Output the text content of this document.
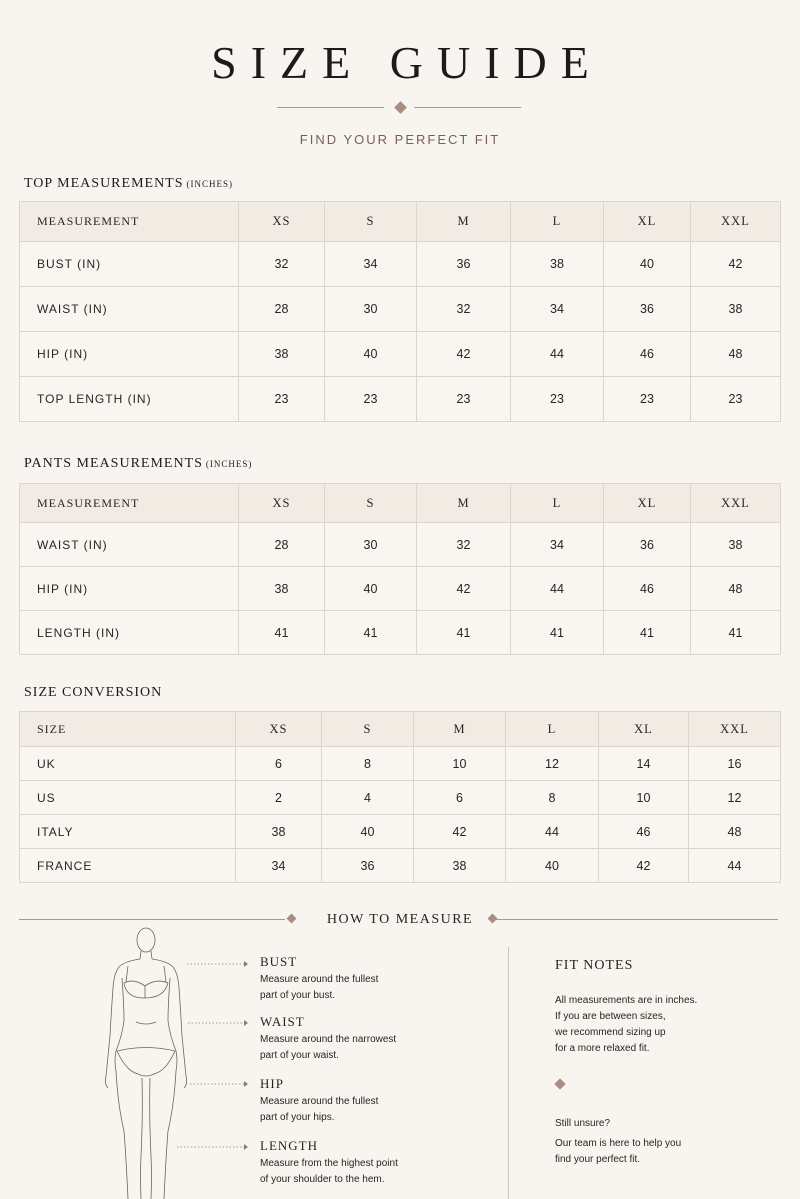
SIZE GUIDE
FIND YOUR PERFECT FIT
TOP MEASUREMENTS (INCHES)
MEASUREMENT	XS	S	M	L	XL	XXL
BUST (IN)	32	34	36	38	40	42
WAIST (IN)	28	30	32	34	36	38
HIP (IN)	38	40	42	44	46	48
TOP LENGTH (IN)	23	23	23	23	23	23
PANTS MEASUREMENTS (INCHES)
MEASUREMENT	XS	S	M	L	XL	XXL
WAIST (IN)	28	30	32	34	36	38
HIP (IN)	38	40	42	44	46	48
LENGTH (IN)	41	41	41	41	41	41
SIZE CONVERSION
SIZE	XS	S	M	L	XL	XXL
UK	6	8	10	12	14	16
US	2	4	6	8	10	12
ITALY	38	40	42	44	46	48
FRANCE	34	36	38	40	42	44
HOW TO MEASURE
BUST
Measure around the fullest
part of your bust.
WAIST
Measure around the narrowest
part of your waist.
HIP
Measure around the fullest
part of your hips.
LENGTH
Measure from the highest point
of your shoulder to the hem.
FIT NOTES
All measurements are in inches.
If you are between sizes,
we recommend sizing up
for a more relaxed fit.
Still unsure?
Our team is here to help you
find your perfect fit.
